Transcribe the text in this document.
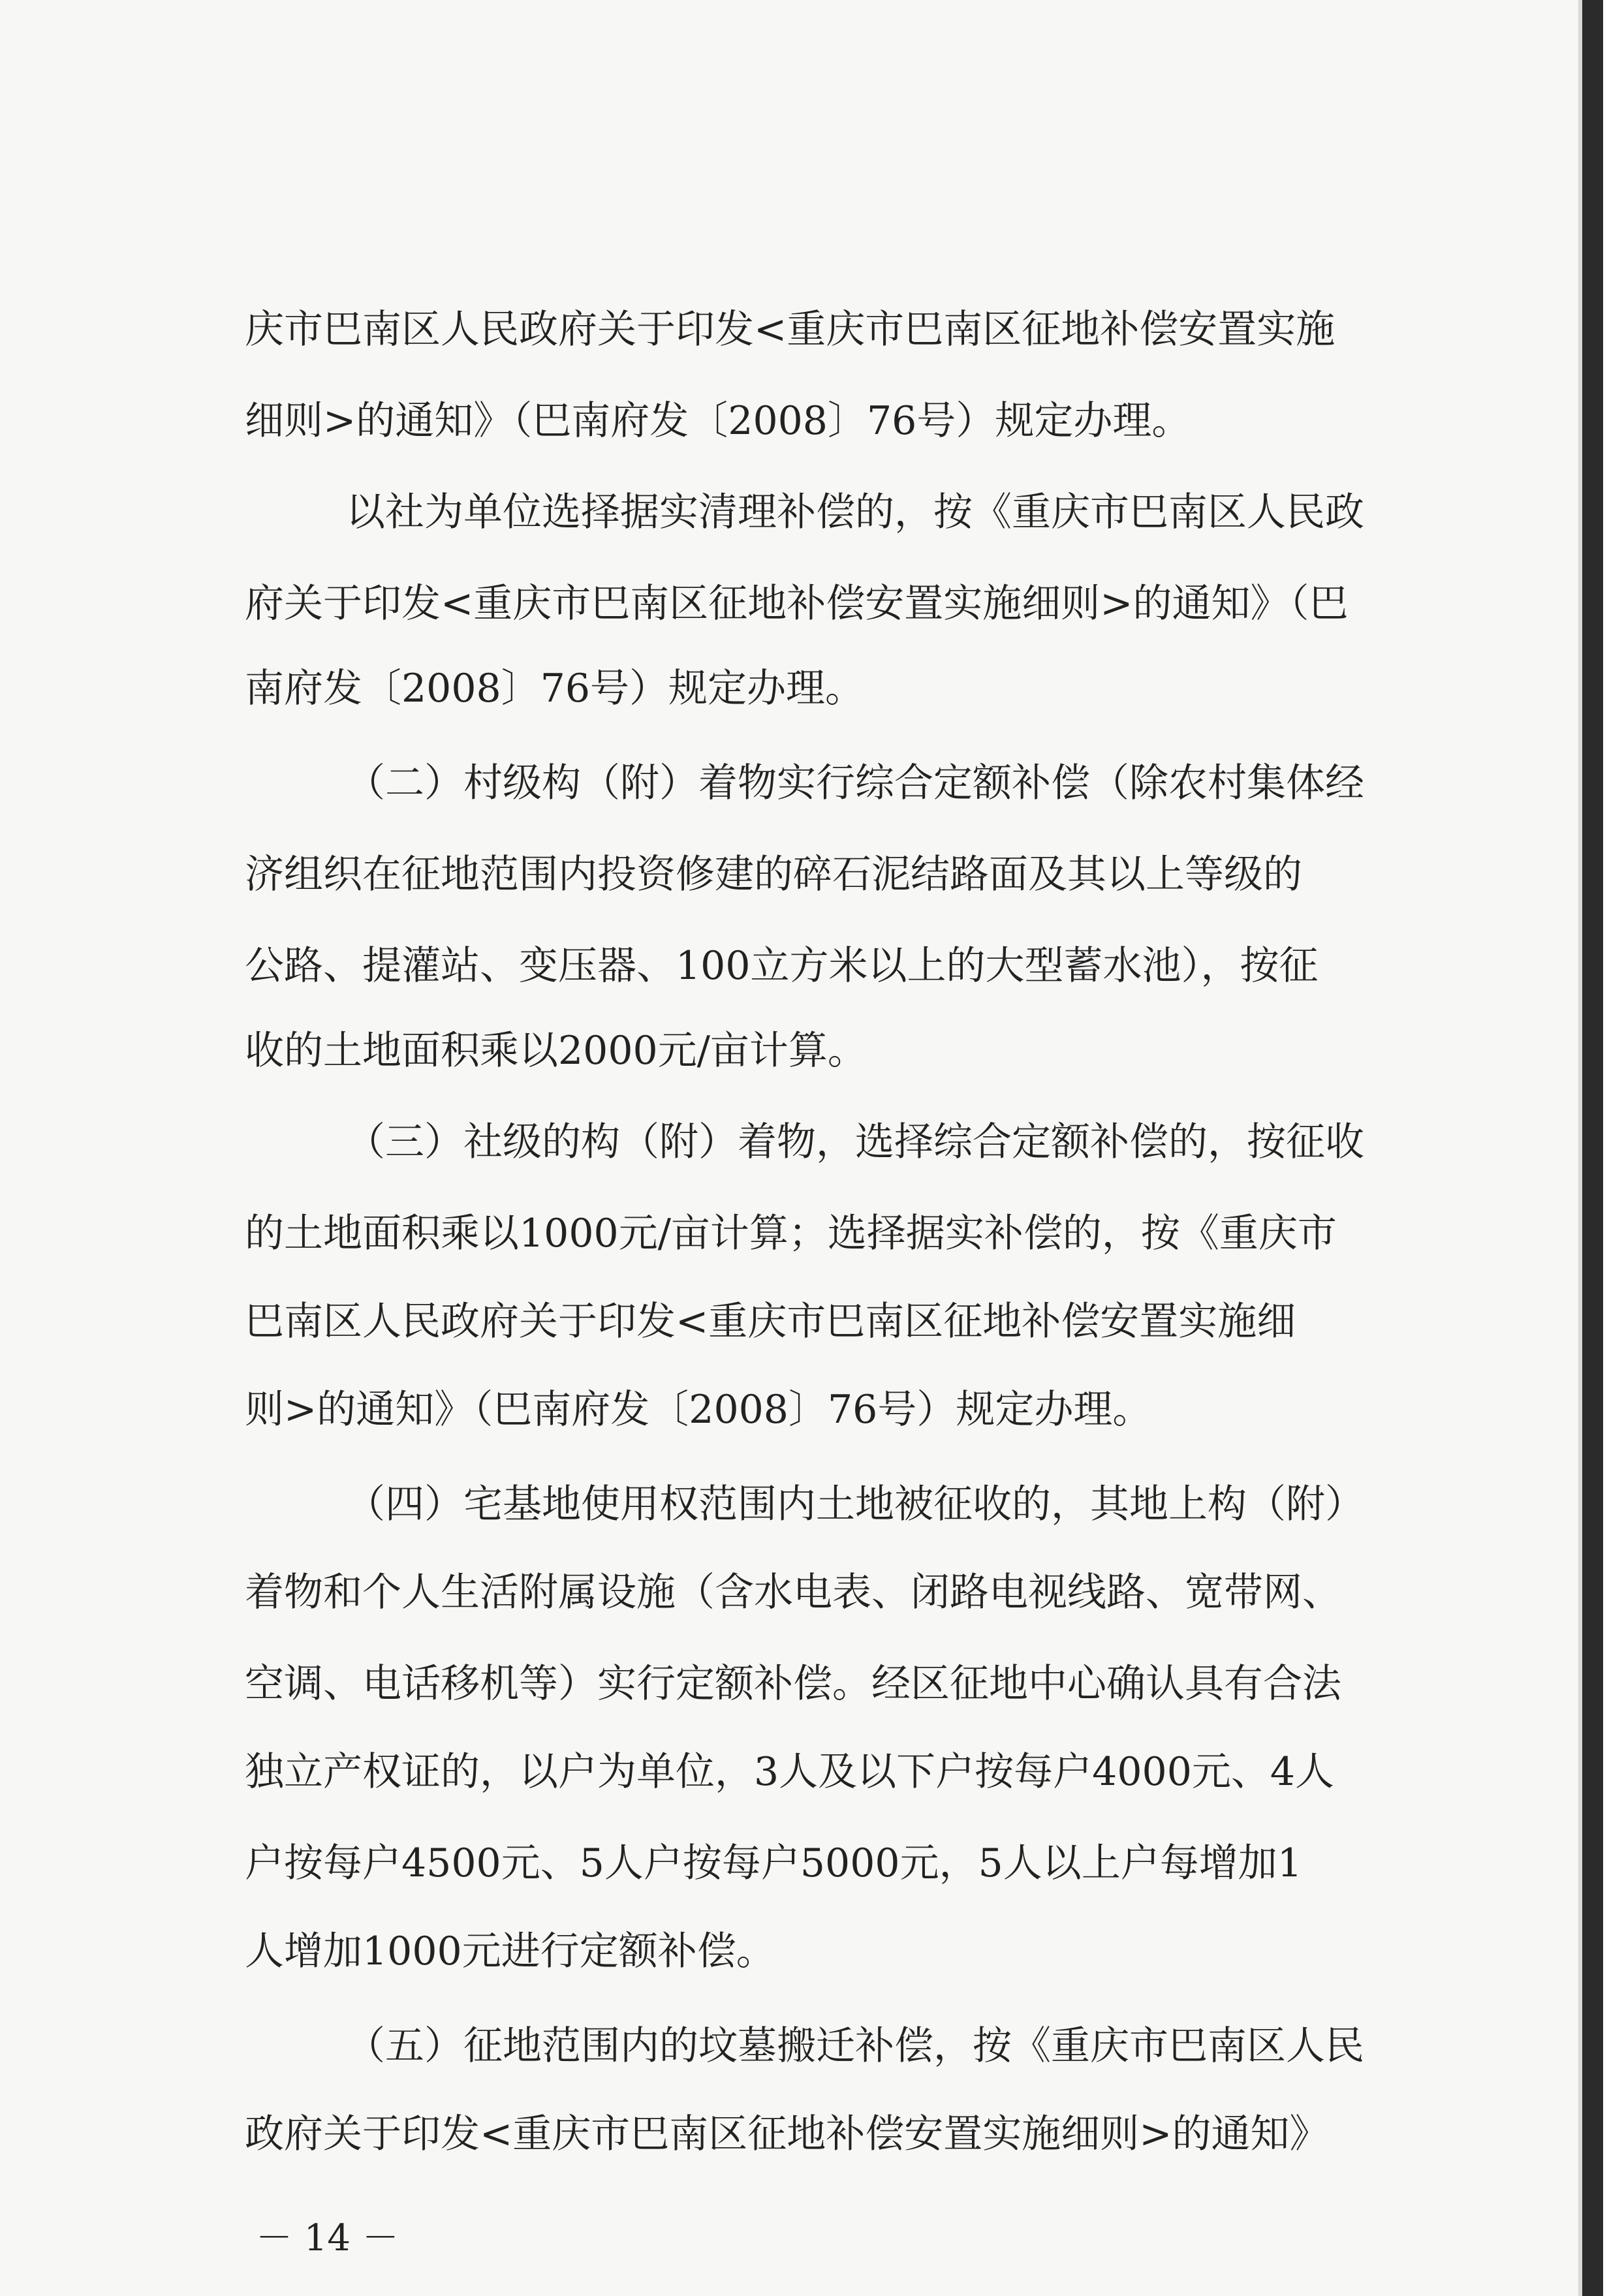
庆市巴南区人民政府关于印发<重庆市巴南区征地补偿安置实施
细则>的通知》（巴南府发〔2008〕76号）规定办理。
以社为单位选择据实清理补偿的，按《重庆市巴南区人民政
府关于印发<重庆市巴南区征地补偿安置实施细则>的通知》（巴
南府发〔2008〕76号）规定办理。
（二）村级构（附）着物实行综合定额补偿（除农村集体经
济组织在征地范围内投资修建的碎石泥结路面及其以上等级的
公路、提灌站、变压器、100立方米以上的大型蓄水池），按征
收的土地面积乘以2000元/亩计算。
（三）社级的构（附）着物，选择综合定额补偿的，按征收
的土地面积乘以1000元/亩计算；选择据实补偿的，按《重庆市
巴南区人民政府关于印发<重庆市巴南区征地补偿安置实施细
则>的通知》（巴南府发〔2008〕76号）规定办理。
（四）宅基地使用权范围内土地被征收的，其地上构（附）
着物和个人生活附属设施（含水电表、闭路电视线路、宽带网、
空调、电话移机等）实行定额补偿。经区征地中心确认具有合法
独立产权证的，以户为单位，3人及以下户按每户4000元、4人
户按每户4500元、5人户按每户5000元，5人以上户每增加1
人增加1000元进行定额补偿。
（五）征地范围内的坟墓搬迁补偿，按《重庆市巴南区人民
－ 14 －
政府关于印发<重庆市巴南区征地补偿安置实施细则>的通知》
